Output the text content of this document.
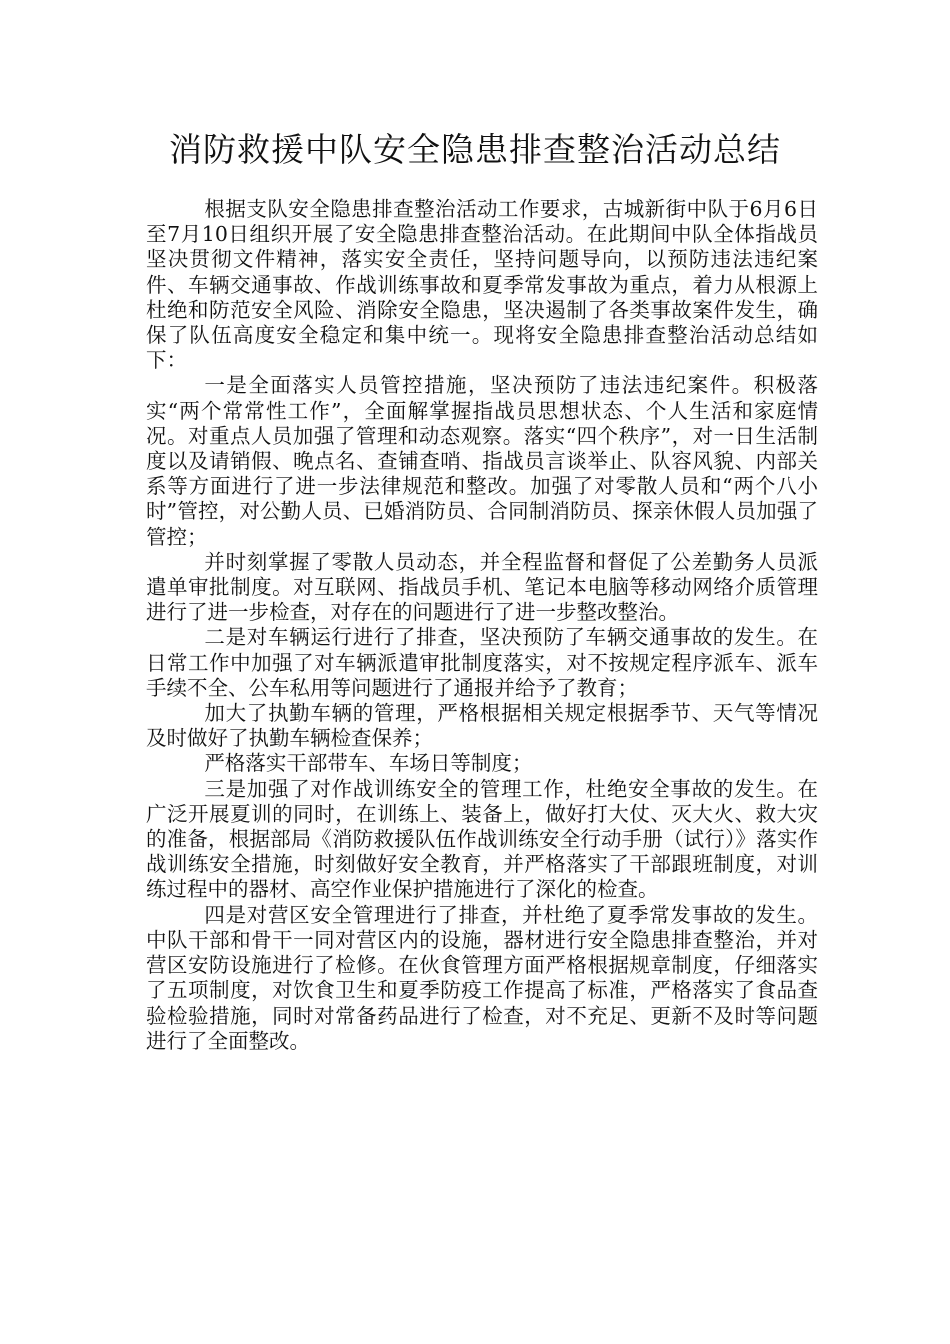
消防救援中队安全隐患排查整治活动总结

根据支队安全隐患排查整治活动工作要求，古城新街中队于6月6日至7月10日组织开展了安全隐患排查整治活动。在此期间中队全体指战员坚决贯彻文件精神，落实安全责任，坚持问题导向，以预防违法违纪案件、车辆交通事故、作战训练事故和夏季常发事故为重点，着力从根源上杜绝和防范安全风险、消除安全隐患，坚决遏制了各类事故案件发生，确保了队伍高度安全稳定和集中统一。现将安全隐患排查整治活动总结如下：

一是全面落实人员管控措施，坚决预防了违法违纪案件。积极落实“两个常常性工作”，全面解掌握指战员思想状态、个人生活和家庭情况。对重点人员加强了管理和动态观察。落实“四个秩序”，对一日生活制度以及请销假、晚点名、查铺查哨、指战员言谈举止、队容风貌、内部关系等方面进行了进一步法律规范和整改。加强了对零散人员和“两个八小时”管控，对公勤人员、已婚消防员、合同制消防员、探亲休假人员加强了管控；

并时刻掌握了零散人员动态，并全程监督和督促了公差勤务人员派遣单审批制度。对互联网、指战员手机、笔记本电脑等移动网络介质管理进行了进一步检查，对存在的问题进行了进一步整改整治。

二是对车辆运行进行了排查，坚决预防了车辆交通事故的发生。在日常工作中加强了对车辆派遣审批制度落实，对不按规定程序派车、派车手续不全、公车私用等问题进行了通报并给予了教育；

加大了执勤车辆的管理，严格根据相关规定根据季节、天气等情况及时做好了执勤车辆检查保养；

严格落实干部带车、车场日等制度；

三是加强了对作战训练安全的管理工作，杜绝安全事故的发生。在广泛开展夏训的同时，在训练上、装备上，做好打大仗、灭大火、救大灾的准备，根据部局《消防救援队伍作战训练安全行动手册（试行）》落实作战训练安全措施，时刻做好安全教育，并严格落实了干部跟班制度，对训练过程中的器材、高空作业保护措施进行了深化的检查。

四是对营区安全管理进行了排查，并杜绝了夏季常发事故的发生。中队干部和骨干一同对营区内的设施，器材进行安全隐患排查整治，并对营区安防设施进行了检修。在伙食管理方面严格根据规章制度，仔细落实了五项制度，对饮食卫生和夏季防疫工作提高了标准，严格落实了食品查验检验措施，同时对常备药品进行了检查，对不充足、更新不及时等问题进行了全面整改。
